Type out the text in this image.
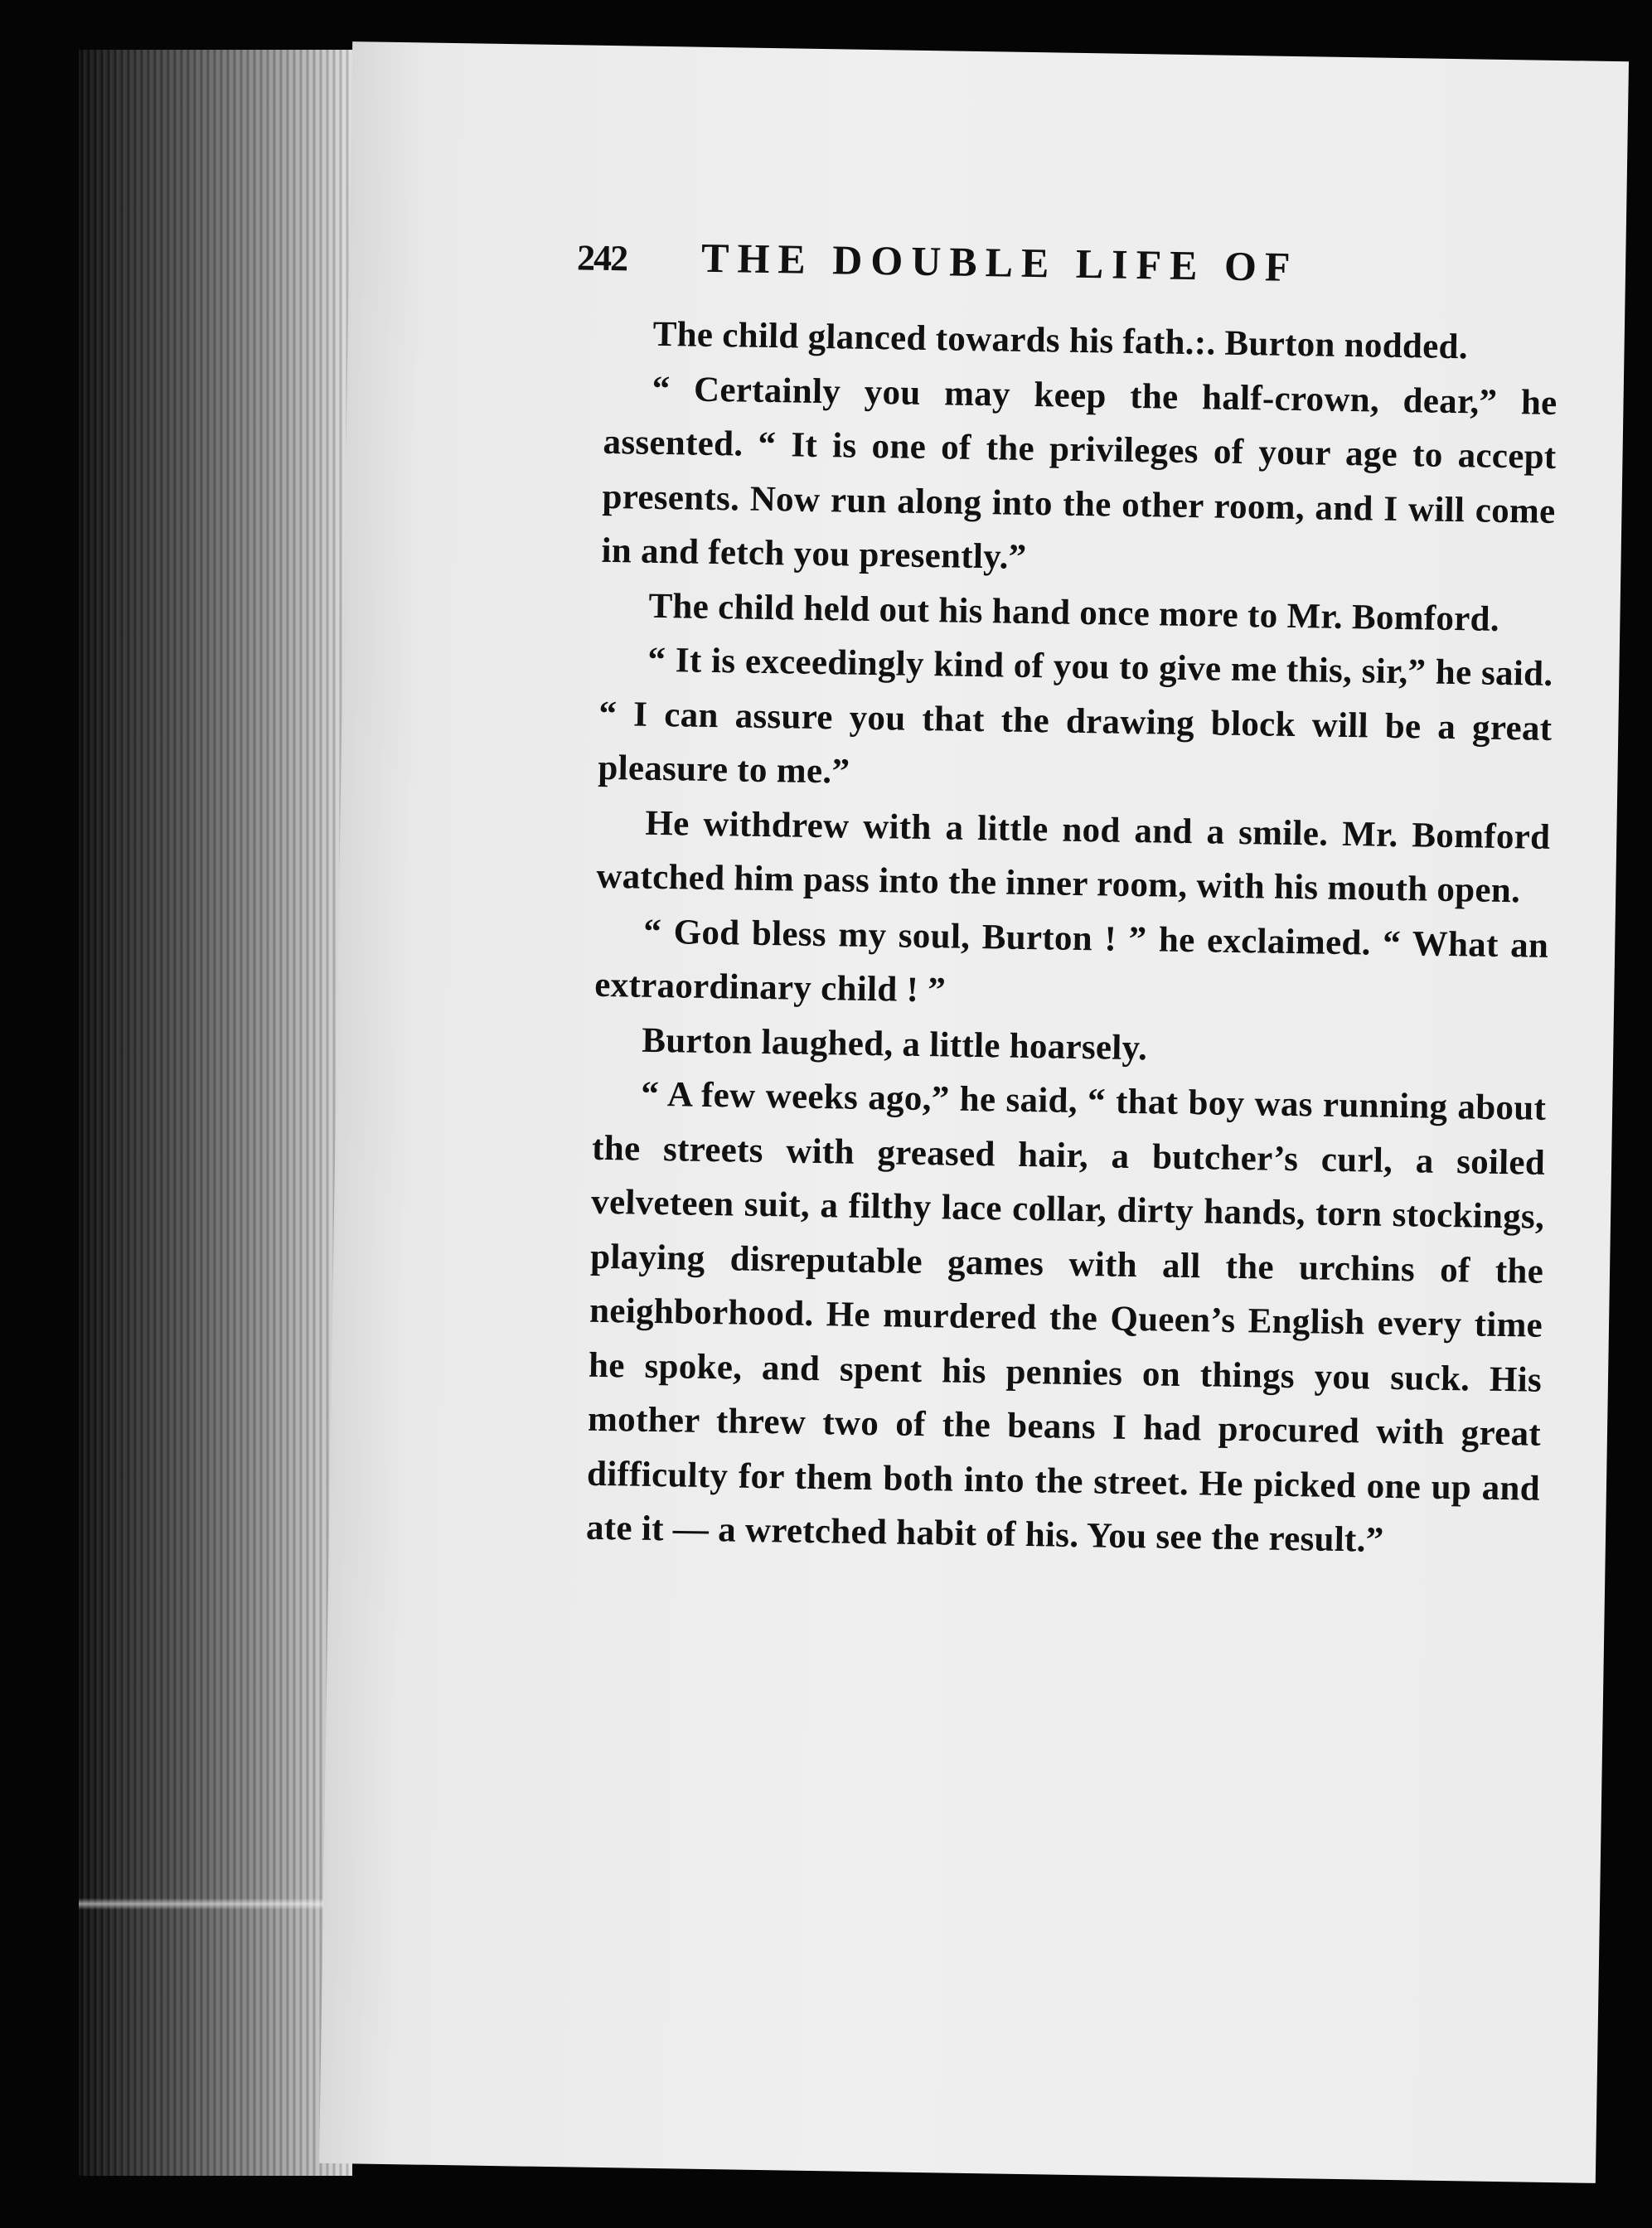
242	THE DOUBLE LIFE OF

The child glanced towards his fath.:. Burton nodded.

“ Certainly you may keep the half-crown, dear,” he assented. “ It is one of the privileges of your age to accept presents. Now run along into the other room, and I will come in and fetch you presently.”

The child held out his hand once more to Mr. Bomford.

“ It is exceedingly kind of you to give me this, sir,” he said. “ I can assure you that the drawing block will be a great pleasure to me.”

He withdrew with a little nod and a smile. Mr. Bomford watched him pass into the inner room, with his mouth open.

“ God bless my soul, Burton ! ” he exclaimed. “ What an extraordinary child ! ”

Burton laughed, a little hoarsely.

“ A few weeks ago,” he said, “ that boy was running about the streets with greased hair, a butcher’s curl, a soiled velveteen suit, a filthy lace collar, dirty hands, torn stockings, playing disreputable games with all the urchins of the neighborhood. He murdered the Queen’s English every time he spoke, and spent his pennies on things you suck. His mother threw two of the beans I had procured with great difficulty for them both into the street. He picked one up and ate it — a wretched habit of his. You see the result.”
